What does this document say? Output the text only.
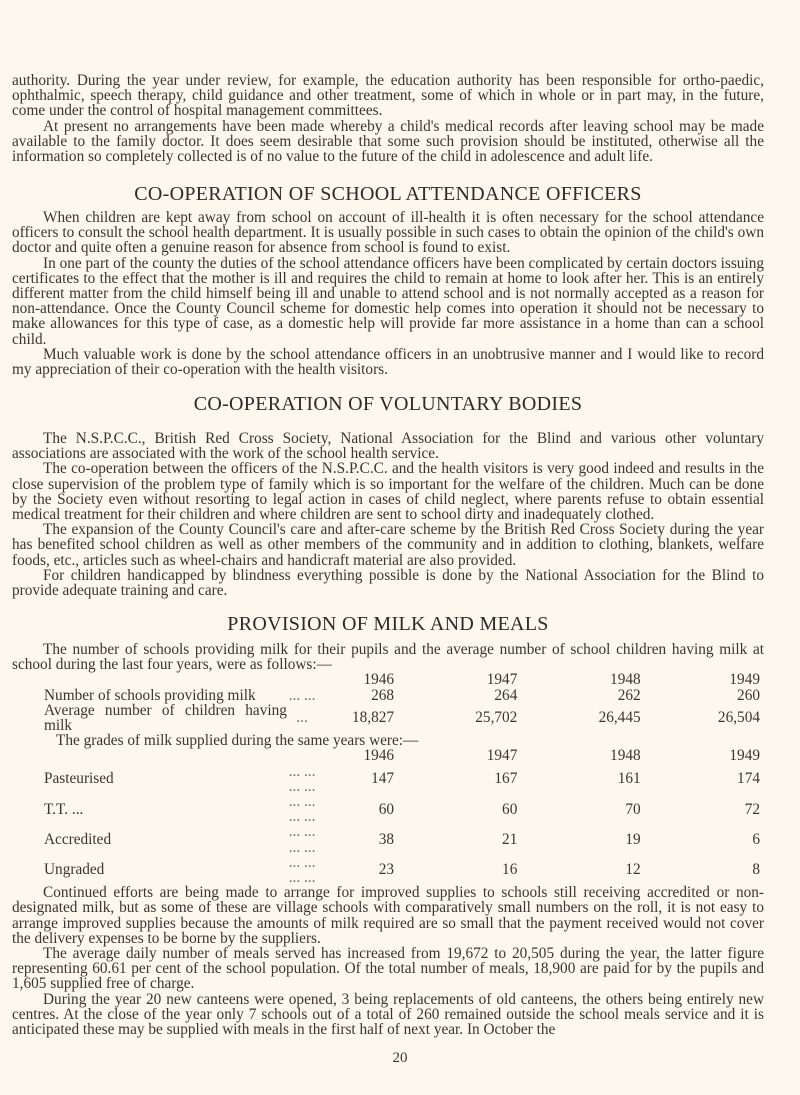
authority. During the year under review, for example, the education authority has been responsible for ortho-paedic, ophthalmic, speech therapy, child guidance and other treatment, some of which in whole or in part may, in the future, come under the control of hospital management committees.

At present no arrangements have been made whereby a child's medical records after leaving school may be made available to the family doctor. It does seem desirable that some such provision should be instituted, otherwise all the information so completely collected is of no value to the future of the child in adolescence and adult life.

CO-OPERATION OF SCHOOL ATTENDANCE OFFICERS

When children are kept away from school on account of ill-health it is often necessary for the school attendance officers to consult the school health department. It is usually possible in such cases to obtain the opinion of the child's own doctor and quite often a genuine reason for absence from school is found to exist.

In one part of the county the duties of the school attendance officers have been complicated by certain doctors issuing certificates to the effect that the mother is ill and requires the child to remain at home to look after her. This is an entirely different matter from the child himself being ill and unable to attend school and is not normally accepted as a reason for non-attendance. Once the County Council scheme for domestic help comes into operation it should not be necessary to make allowances for this type of case, as a domestic help will provide far more assistance in a home than can a school child.

Much valuable work is done by the school attendance officers in an unobtrusive manner and I would like to record my appreciation of their co-operation with the health visitors.

CO-OPERATION OF VOLUNTARY BODIES

The N.S.P.C.C., British Red Cross Society, National Association for the Blind and various other voluntary associations are associated with the work of the school health service.

The co-operation between the officers of the N.S.P.C.C. and the health visitors is very good indeed and results in the close supervision of the problem type of family which is so important for the welfare of the children. Much can be done by the Society even without resorting to legal action in cases of child neglect, where parents refuse to obtain essential medical treatment for their children and where children are sent to school dirty and inadequately clothed.

The expansion of the County Council's care and after-care scheme by the British Red Cross Society during the year has benefited school children as well as other members of the community and in addition to clothing, blankets, welfare foods, etc., articles such as wheel-chairs and handicraft material are also provided.

For children handicapped by blindness everything possible is done by the National Association for the Blind to provide adequate training and care.

PROVISION OF MILK AND MEALS

The number of schools providing milk for their pupils and the average number of school children having milk at school during the last four years, were as follows:—

		1946	1947	1948	1949
Number of schools providing milk	... ...	268	264	262	260
Average number of children having milk	...	18,827	25,702	26,445	26,504

The grades of milk supplied during the same years were:—

		1946	1947	1948	1949
Pasteurised	... ... ... ...	147	167	161	174
T.T. ...	... ... ... ...	60	60	70	72
Accredited	... ... ... ...	38	21	19	6
Ungraded	... ... ... ...	23	16	12	8

Continued efforts are being made to arrange for improved supplies to schools still receiving accredited or non-designated milk, but as some of these are village schools with comparatively small numbers on the roll, it is not easy to arrange improved supplies because the amounts of milk required are so small that the payment received would not cover the delivery expenses to be borne by the suppliers.

The average daily number of meals served has increased from 19,672 to 20,505 during the year, the latter figure representing 60.61 per cent of the school population. Of the total number of meals, 18,900 are paid for by the pupils and 1,605 supplied free of charge.

During the year 20 new canteens were opened, 3 being replacements of old canteens, the others being entirely new centres. At the close of the year only 7 schools out of a total of 260 remained outside the school meals service and it is anticipated these may be supplied with meals in the first half of next year. In October the

20
